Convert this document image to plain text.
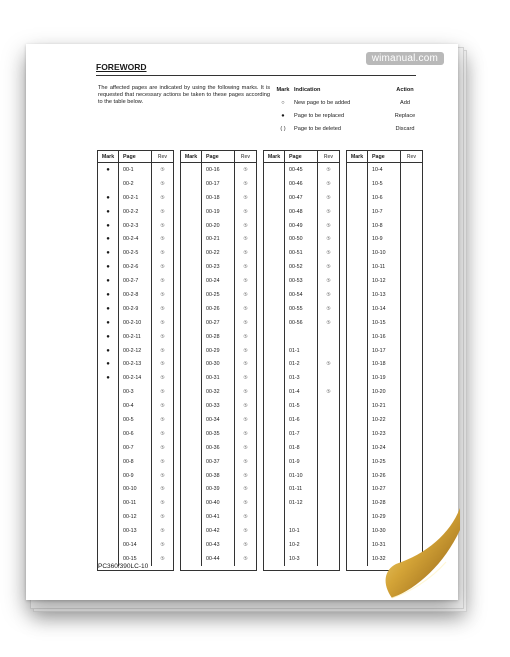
wimanual.com
FOREWORD
The affected pages are indicated by using the following marks. It is requested that necessary actions be taken to these pages according to the table below.
Mark Indication	Action
○	New page to be added	Add
●	Page to be replaced	Replace
( )	Page to be deleted	Discard
Mark	Page	Rev
●	00-1	⑤
00-2	⑤
●	00-2-1	⑤
●	00-2-2	⑤
●	00-2-3	⑤
●	00-2-4	⑤
●	00-2-5	⑤
●	00-2-6	⑤
●	00-2-7	⑤
●	00-2-8	⑤
●	00-2-9	⑤
●	00-2-10	⑤
●	00-2-11	⑤
●	00-2-12	⑤
●	00-2-13	⑤
●	00-2-14	⑤
00-3	⑤
00-4	⑤
00-5	⑤
00-6	⑤
00-7	⑤
00-8	⑤
00-9	⑤
00-10	⑤
00-11	⑤
00-12	⑤
00-13	⑤
00-14	⑤
00-15	⑤
Mark	Page	Rev
00-16	⑤
00-17	⑤
00-18	⑤
00-19	⑤
00-20	⑤
00-21	⑤
00-22	⑤
00-23	⑤
00-24	⑤
00-25	⑤
00-26	⑤
00-27	⑤
00-28	⑤
00-29	⑤
00-30	⑤
00-31	⑤
00-32	⑤
00-33	⑤
00-34	⑤
00-35	⑤
00-36	⑤
00-37	⑤
00-38	⑤
00-39	⑤
00-40	⑤
00-41	⑤
00-42	⑤
00-43	⑤
00-44	⑤
Mark	Page	Rev
00-45	⑤
00-46	⑤
00-47	⑤
00-48	⑤
00-49	⑤
00-50	⑤
00-51	⑤
00-52	⑤
00-53	⑤
00-54	⑤
00-55	⑤
00-56	⑤
01-1
01-2	⑤
01-3
01-4	⑤
01-5
01-6
01-7
01-8
01-9
01-10
01-11
01-12
10-1
10-2
10-3
Mark	Page	Rev
10-4
10-5
10-6
10-7
10-8
10-9
10-10
10-11
10-12
10-13
10-14
10-15
10-16
10-17
10-18
10-19
10-20
10-21
10-22
10-23
10-24
10-25
10-26
10-27
10-28
10-29
10-30
10-31
10-32
PC360/390LC-10
